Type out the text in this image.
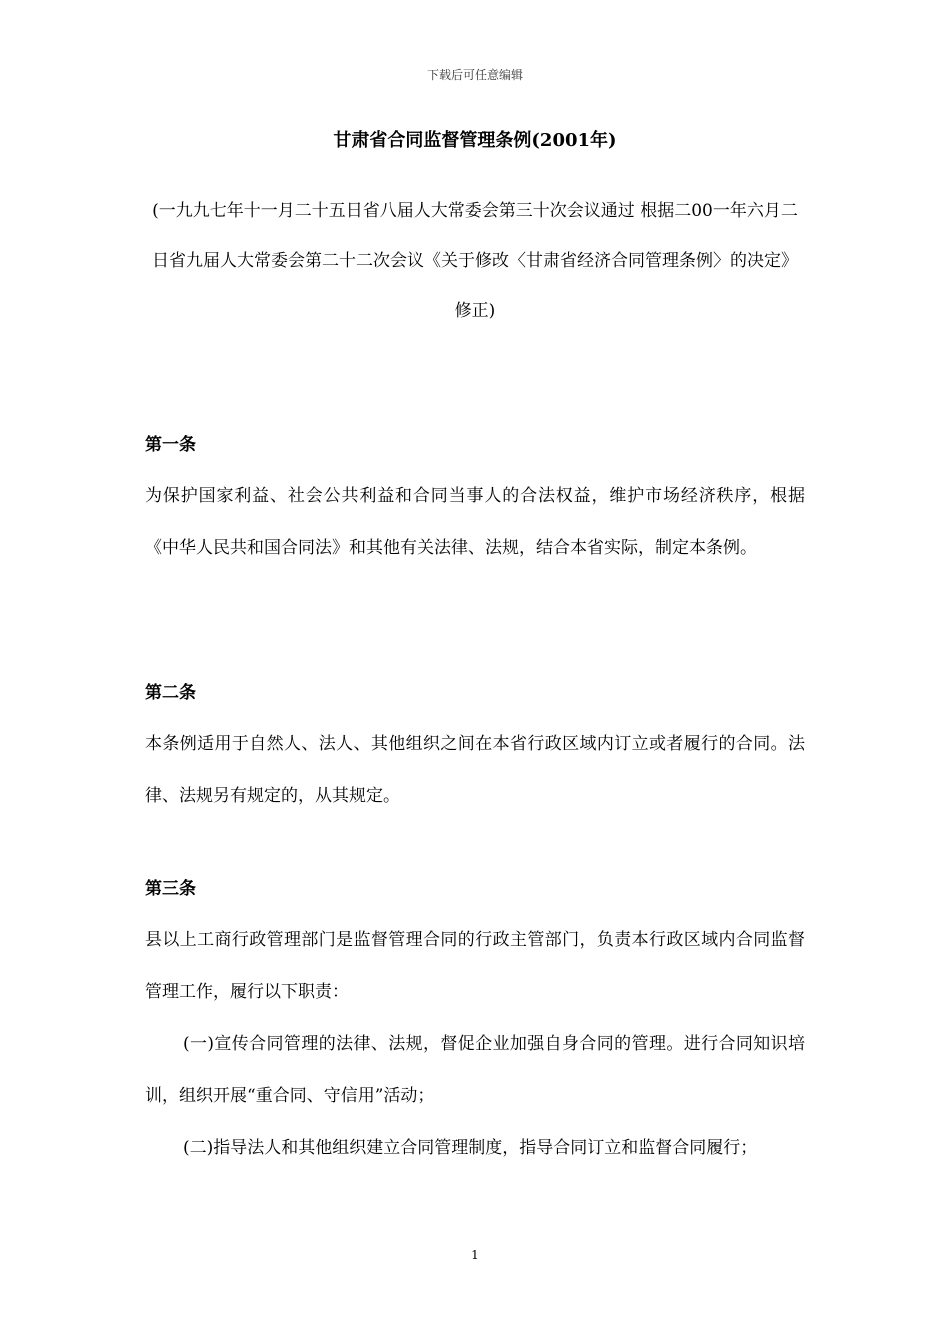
下载后可任意编辑
甘肃省合同监督管理条例(2001年)
(一九九七年十一月二十五日省八届人大常委会第三十次会议通过 根据二00一年六月二日省九届人大常委会第二十二次会议《关于修改〈甘肃省经济合同管理条例〉的决定》修正)
第一条

为保护国家利益、社会公共利益和合同当事人的合法权益，维护市场经济秩序，根据《中华人民共和国合同法》和其他有关法律、法规，结合本省实际，制定本条例。

第二条

本条例适用于自然人、法人、其他组织之间在本省行政区域内订立或者履行的合同。法律、法规另有规定的，从其规定。

第三条

县以上工商行政管理部门是监督管理合同的行政主管部门，负责本行政区域内合同监督管理工作，履行以下职责：

(一)宣传合同管理的法律、法规，督促企业加强自身合同的管理。进行合同知识培训，组织开展“重合同、守信用”活动；

(二)指导法人和其他组织建立合同管理制度，指导合同订立和监督合同履行；

1
